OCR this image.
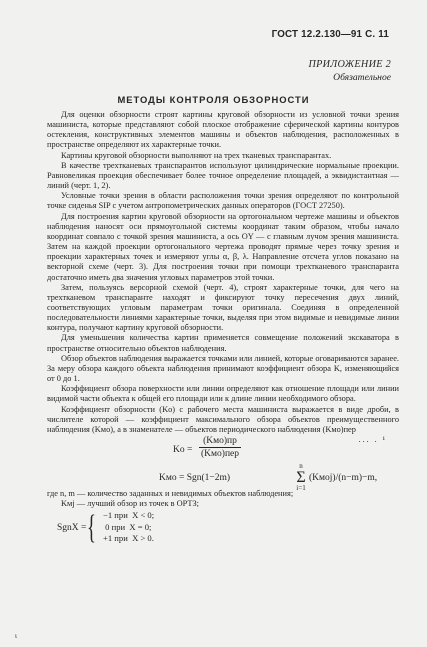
ГОСТ 12.2.130—91 С. 11
ПРИЛОЖЕНИЕ 2
Обязательное
МЕТОДЫ КОНТРОЛЯ ОБЗОРНОСТИ

Для оценки обзорности строят картины круговой обзорности из условной точки зрения машиниста, которые представляют собой плоское отображение сферической картины контуров остекления, конструктивных элементов машины и объектов наблюдения, расположенных в пространстве определяют их характерные точки.

Картины круговой обзорности выполняют на трех тканевых транспарантах.

В качестве трехтканевых транспарантов используют цилиндрические нормальные проекции. Равновеликая проекция обеспечивает более точное определение площадей, а эквидистантная — линий (черт. 1, 2).

Условные точки зрения в области расположения точки зрения определяют по контрольной точке сиденья SIP с учетом антропометрических данных операторов (ГОСТ 27250).

Для построения картин круговой обзорности на ортогональном чертеже машины и объектов наблюдения наносят оси прямоугольной системы координат таким образом, чтобы начало координат совпало с точкой зрения машиниста, а ось OY — с главным лучом зрения машиниста. Затем на каждой проекции ортогонального чертежа проводят прямые через точку зрения и проекции характерных точек и измеряют углы α, β, λ. Направление отсчета углов показано на векторной схеме (черт. 3). Для построения точки при помощи трехтканевого транспаранта достаточно иметь два значения угловых параметров этой точки.

Затем, пользуясь версорной схемой (черт. 4), строят характерные точки, для чего на трехтканевом транспаранте находят и фиксируют точку пересечения двух линий, соответствующих угловым параметрам точки оригинала. Соединяя в определенной последовательности линиями характерные точки, выделяя при этом видимые и невидимые линии контура, получают картину круговой обзорности.

Для уменьшения количества картин применяется совмещение положений экскаватора в пространстве относительно объектов наблюдения.

Обзор объектов наблюдения выражается точками или линией, которые оговариваются заранее. За меру обзора каждого объекта наблюдения принимают коэффициент обзора K, изменяющийся от 0 до 1.

Коэффициент обзора поверхности или линии определяют как отношение площади или линии видимой части объекта к общей его площади или к длине линии необходимого обзора.

Коэффициент обзорности (Kо) с рабочего места машиниста выражается в виде дроби, в числителе которой — коэффициент максимального обзора объектов преимущественного наблюдения (Kмо), а в знаменателе — объектов периодического наблюдения (Kмо)пер

Kо =
(Kмо)пр
(Kмо)пер
... . ¹
Kмо = Sgn(1−2m)
n
Σ
i=1
(Kмоj)/(n−m)−m,

где n, m — количество заданных и невидимых объектов наблюдения;

Kмj — лучший обзор из точек в ОРТЗ;

SgnX = { −1 при  X < 0;
0 при  X = 0;
+1 при  X > 0.
ι
